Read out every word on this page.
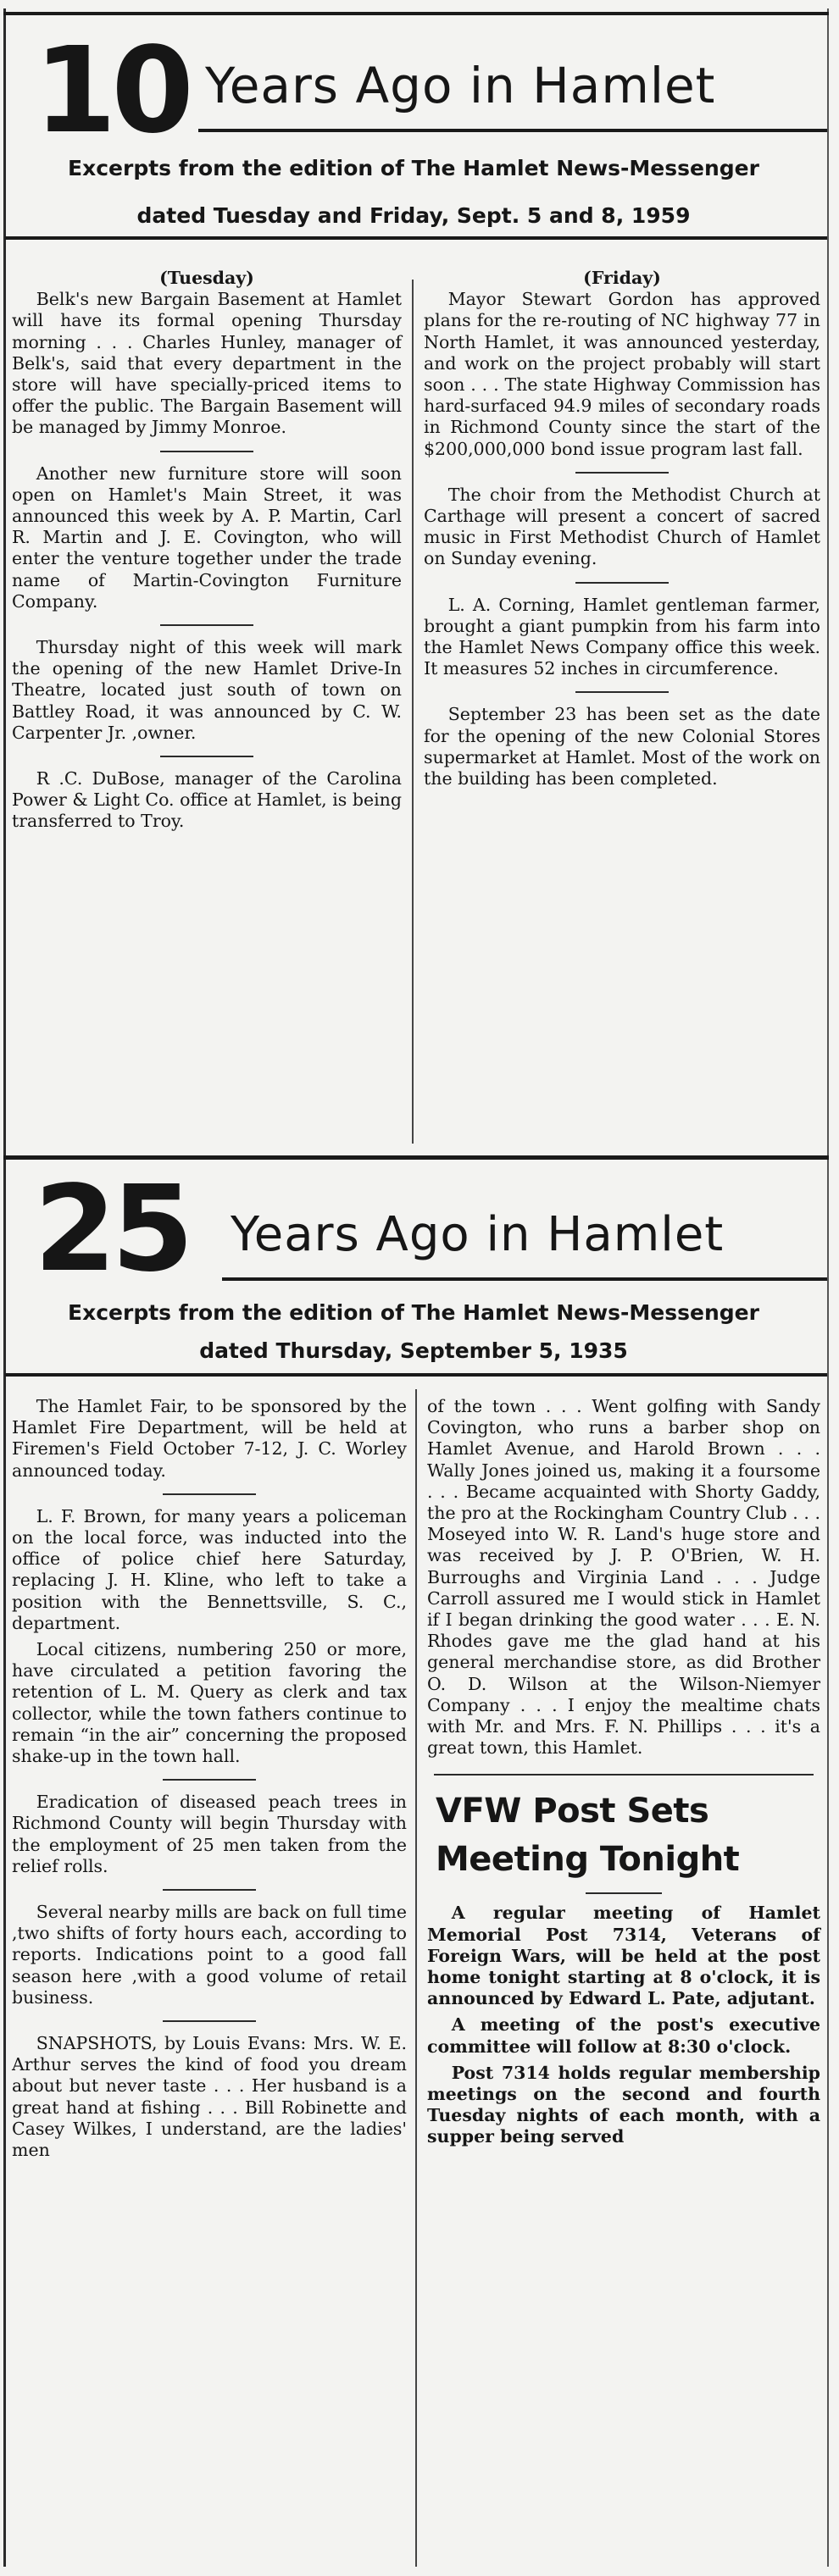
10 Years Ago in Hamlet
Excerpts from the edition of The Hamlet News-Messenger
dated Tuesday and Friday, Sept. 5 and 8, 1959

(Tuesday)

Belk's new Bargain Basement at Hamlet will have its formal opening Thursday morning . . . Charles Hunley, manager of Belk's, said that every department in the store will have specially-priced items to offer the public. The Bargain Basement will be managed by Jimmy Monroe.

Another new furniture store will soon open on Hamlet's Main Street, it was announced this week by A. P. Martin, Carl R. Martin and J. E. Covington, who will enter the venture together under the trade name of Martin-Covington Furniture Company.

Thursday night of this week will mark the opening of the new Hamlet Drive-In Theatre, located just south of town on Battley Road, it was announced by C. W. Carpenter Jr. ,owner.

R .C. DuBose, manager of the Carolina Power & Light Co. office at Hamlet, is being transferred to Troy.

(Friday)

Mayor Stewart Gordon has approved plans for the re-routing of NC highway 77 in North Hamlet, it was announced yesterday, and work on the project probably will start soon . . . The state Highway Commission has hard-surfaced 94.9 miles of secondary roads in Richmond County since the start of the $200,000,000 bond issue program last fall.

The choir from the Methodist Church at Carthage will present a concert of sacred music in First Methodist Church of Hamlet on Sunday evening.

L. A. Corning, Hamlet gentleman farmer, brought a giant pumpkin from his farm into the Hamlet News Company office this week. It measures 52 inches in circumference.

September 23 has been set as the date for the opening of the new Colonial Stores supermarket at Hamlet. Most of the work on the building has been completed.

25 Years Ago in Hamlet
Excerpts from the edition of The Hamlet News-Messenger
dated Thursday, September 5, 1935

The Hamlet Fair, to be sponsored by the Hamlet Fire Department, will be held at Firemen's Field October 7-12, J. C. Worley announced today.

L. F. Brown, for many years a policeman on the local force, was inducted into the office of police chief here Saturday, replacing J. H. Kline, who left to take a position with the Bennettsville, S. C., department.

Local citizens, numbering 250 or more, have circulated a petition favoring the retention of L. M. Query as clerk and tax collector, while the town fathers continue to remain “in the air” concerning the proposed shake-up in the town hall.

Eradication of diseased peach trees in Richmond County will begin Thursday with the employment of 25 men taken from the relief rolls.

Several nearby mills are back on full time ,two shifts of forty hours each, according to reports. Indications point to a good fall season here ,with a good volume of retail business.

SNAPSHOTS, by Louis Evans: Mrs. W. E. Arthur serves the kind of food you dream about but never taste . . . Her husband is a great hand at fishing . . . Bill Robinette and Casey Wilkes, I understand, are the ladies' men

of the town . . . Went golfing with Sandy Covington, who runs a barber shop on Hamlet Avenue, and Harold Brown . . . Wally Jones joined us, making it a foursome . . . Became acquainted with Shorty Gaddy, the pro at the Rockingham Country Club . . . Moseyed into W. R. Land's huge store and was received by J. P. O'Brien, W. H. Burroughs and Virginia Land . . . Judge Carroll assured me I would stick in Hamlet if I began drinking the good water . . . E. N. Rhodes gave me the glad hand at his general merchandise store, as did Brother O. D. Wilson at the Wilson-Niemyer Company . . . I enjoy the mealtime chats with Mr. and Mrs. F. N. Phillips . . . it's a great town, this Hamlet.

VFW Post Sets

Meeting Tonight

A regular meeting of Hamlet Memorial Post 7314, Veterans of Foreign Wars, will be held at the post home tonight starting at 8 o'clock, it is announced by Edward L. Pate, adjutant.

A meeting of the post's executive committee will follow at 8:30 o'clock.

Post 7314 holds regular membership meetings on the second and fourth Tuesday nights of each month, with a supper being served
